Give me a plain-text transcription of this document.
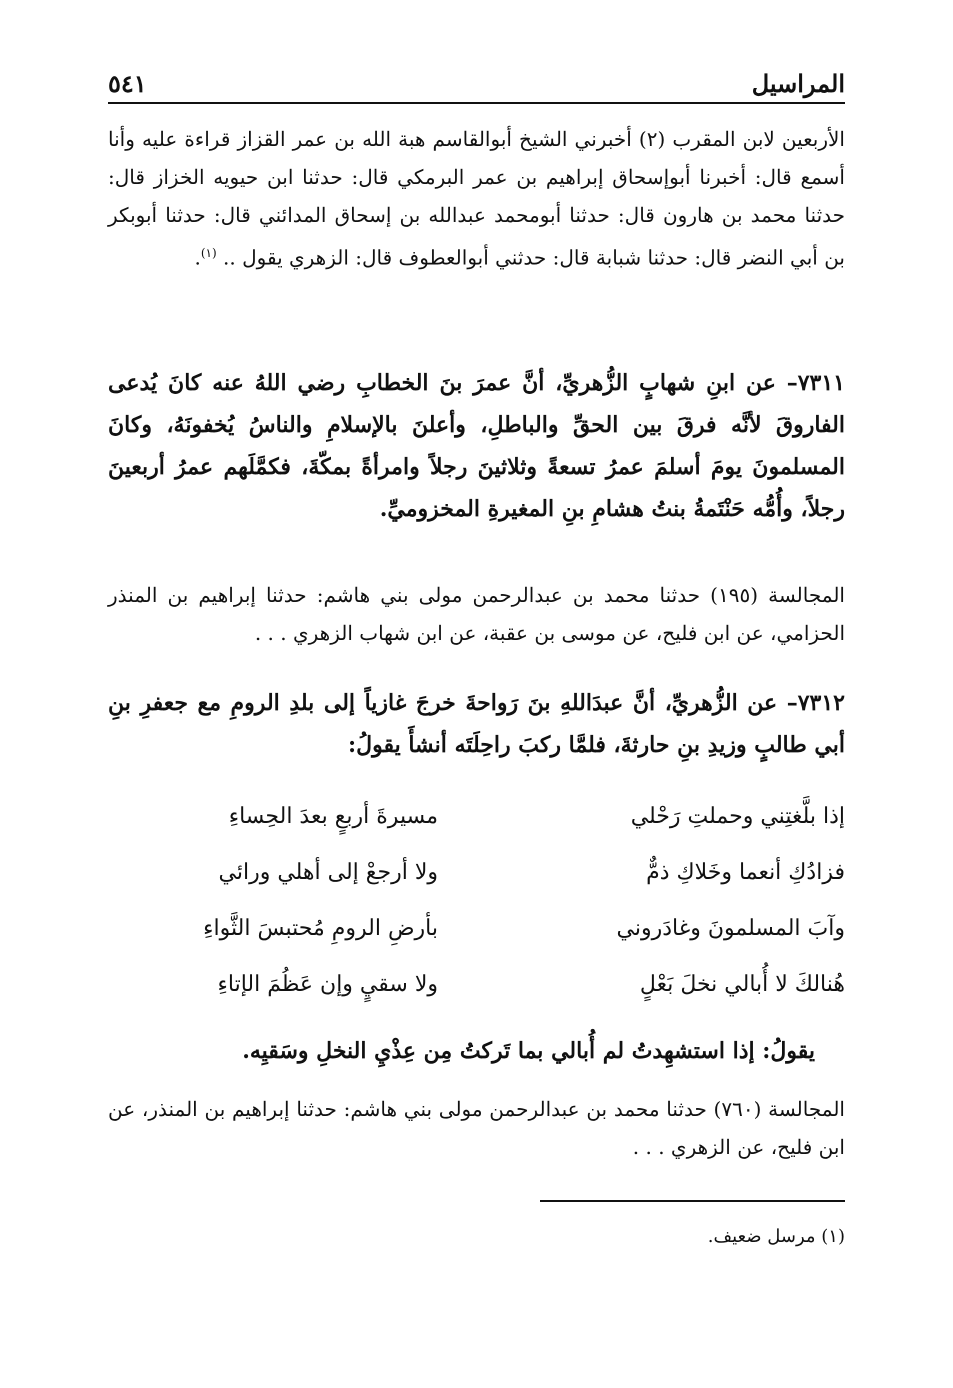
المراسيل
٥٤١
الأربعين لابن المقرب (٢) أخبرني الشيخ أبوالقاسم هبة الله بن عمر القزاز قراءة عليه وأنا أسمع قال: أخبرنا أبوإسحاق إبراهيم بن عمر البرمكي قال: حدثنا ابن حيويه الخزاز قال: حدثنا محمد بن هارون قال: حدثنا أبومحمد عبدالله بن إسحاق المدائني قال: حدثنا أبوبكر بن أبي النضر قال: حدثنا شبابة قال: حدثني أبوالعطوف قال: الزهري يقول .. $^{(١)}$.
٧٣١١– عن ابنِ شهابٍ الزُّهريِّ، أنَّ عمرَ بنَ الخطابِ رضي اللهُ عنه كانَ يُدعى الفاروقَ لأنَّه فرقَ بين الحقِّ والباطلِ، وأعلنَ بالإسلامِ والناسُ يُخفونَهُ، وكانَ المسلمونَ يومَ أسلمَ عمرُ تسعةً وثلاثينَ رجلاً وامرأةً بمكّةَ، فكمَّلَهم عمرُ أربعينَ رجلاً، وأُمُّه حَنْتَمةُ بنتُ هشامِ بنِ المغيرةِ المخزوميِّ.
المجالسة (١٩٥) حدثنا محمد بن عبدالرحمن مولى بني هاشم: حدثنا إبراهيم بن المنذر الحزامي، عن ابن فليح، عن موسى بن عقبة، عن ابن شهاب الزهري . . .
٧٣١٢– عن الزُّهريِّ، أنَّ عبدَاللهِ بنَ رَواحةَ خرجَ غازياً إلى بلدِ الرومِ مع جعفرِ بنِ أبي طالبٍ وزيدِ بنِ حارثةَ، فلمَّا ركبَ راحِلَتَه أنشأَ يقولُ:
إذا بلَّغتِني وحملتِ رَحْلي
مسيرةَ أربعٍ بعدَ الحِساءِ
فزادُكِ أنعما وخَلاكِ ذمٌّ
ولا أرجعْ إلى أهلي ورائي
وآبَ المسلمونَ وغادَروني
بأرضِ الرومِ مُحتبسَ الثَّواءِ
هُنالكَ لا أُبالي نخلَ بَعْلٍ
ولا سقيٍ وإن عَظُمَ الإتاءِ
يقولُ: إذا استشهِدتُ لم أُبالي بما تَركتُ مِن عِذْيِ النخلِ وسَقيِه.
المجالسة (٧٦٠) حدثنا محمد بن عبدالرحمن مولى بني هاشم: حدثنا إبراهيم بن المنذر، عن ابن فليح، عن الزهري . . .
(١) مرسل ضعيف.
